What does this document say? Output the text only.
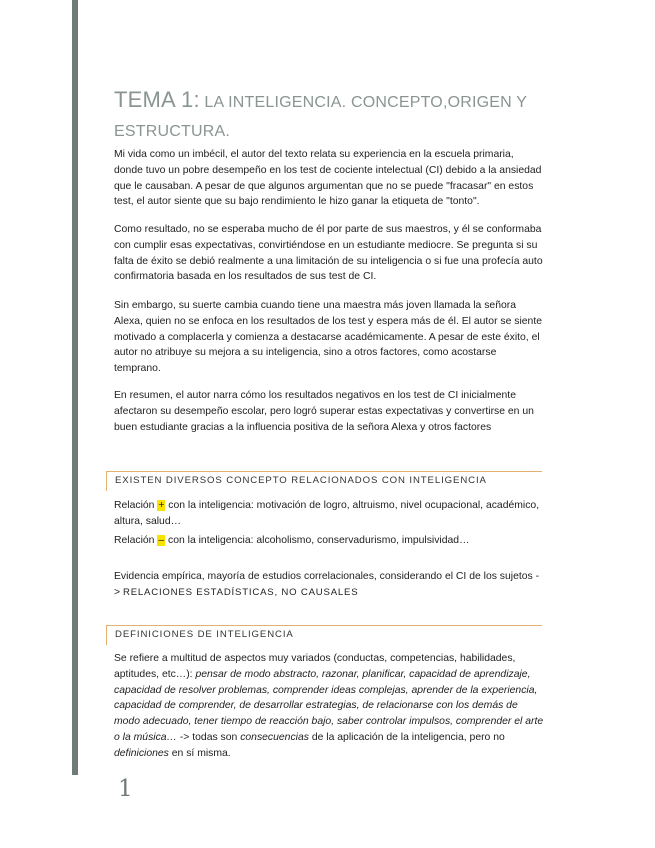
TEMA 1: LA INTELIGENCIA. CONCEPTO,ORIGEN Y ESTRUCTURA.

Mi vida como un imbécil, el autor del texto relata su experiencia en la escuela primaria, donde tuvo un pobre desempeño en los test de cociente intelectual (CI) debido a la ansiedad que le causaban. A pesar de que algunos argumentan que no se puede "fracasar" en estos test, el autor siente que su bajo rendimiento le hizo ganar la etiqueta de "tonto".

Como resultado, no se esperaba mucho de él por parte de sus maestros, y él se conformaba con cumplir esas expectativas, convirtiéndose en un estudiante mediocre. Se pregunta si su falta de éxito se debió realmente a una limitación de su inteligencia o si fue una profecía auto confirmatoria basada en los resultados de sus test de CI.

Sin embargo, su suerte cambia cuando tiene una maestra más joven llamada la señora Alexa, quien no se enfoca en los resultados de los test y espera más de él. El autor se siente motivado a complacerla y comienza a destacarse académicamente. A pesar de este éxito, el autor no atribuye su mejora a su inteligencia, sino a otros factores, como acostarse temprano.

En resumen, el autor narra cómo los resultados negativos en los test de CI inicialmente afectaron su desempeño escolar, pero logró superar estas expectativas y convertirse en un buen estudiante gracias a la influencia positiva de la señora Alexa y otros factores

EXISTEN DIVERSOS CONCEPTO RELACIONADOS CON INTELIGENCIA

Relación + con la inteligencia: motivación de logro, altruismo, nivel ocupacional, académico, altura, salud…

Relación – con la inteligencia: alcoholismo, conservadurismo, impulsividad…

Evidencia empírica, mayoría de estudios correlacionales, considerando el CI de los sujetos -> RELACIONES ESTADÍSTICAS, NO CAUSALES

DEFINICIONES DE INTELIGENCIA

Se refiere a multitud de aspectos muy variados (conductas, competencias, habilidades, aptitudes, etc…): pensar de modo abstracto, razonar, planificar, capacidad de aprendizaje, capacidad de resolver problemas, comprender ideas complejas, aprender de la experiencia, capacidad de comprender, de desarrollar estrategias, de relacionarse con los demás de modo adecuado, tener tiempo de reacción bajo, saber controlar impulsos, comprender el arte o la música… -> todas son consecuencias de la aplicación de la inteligencia, pero no definiciones en sí misma.

1
